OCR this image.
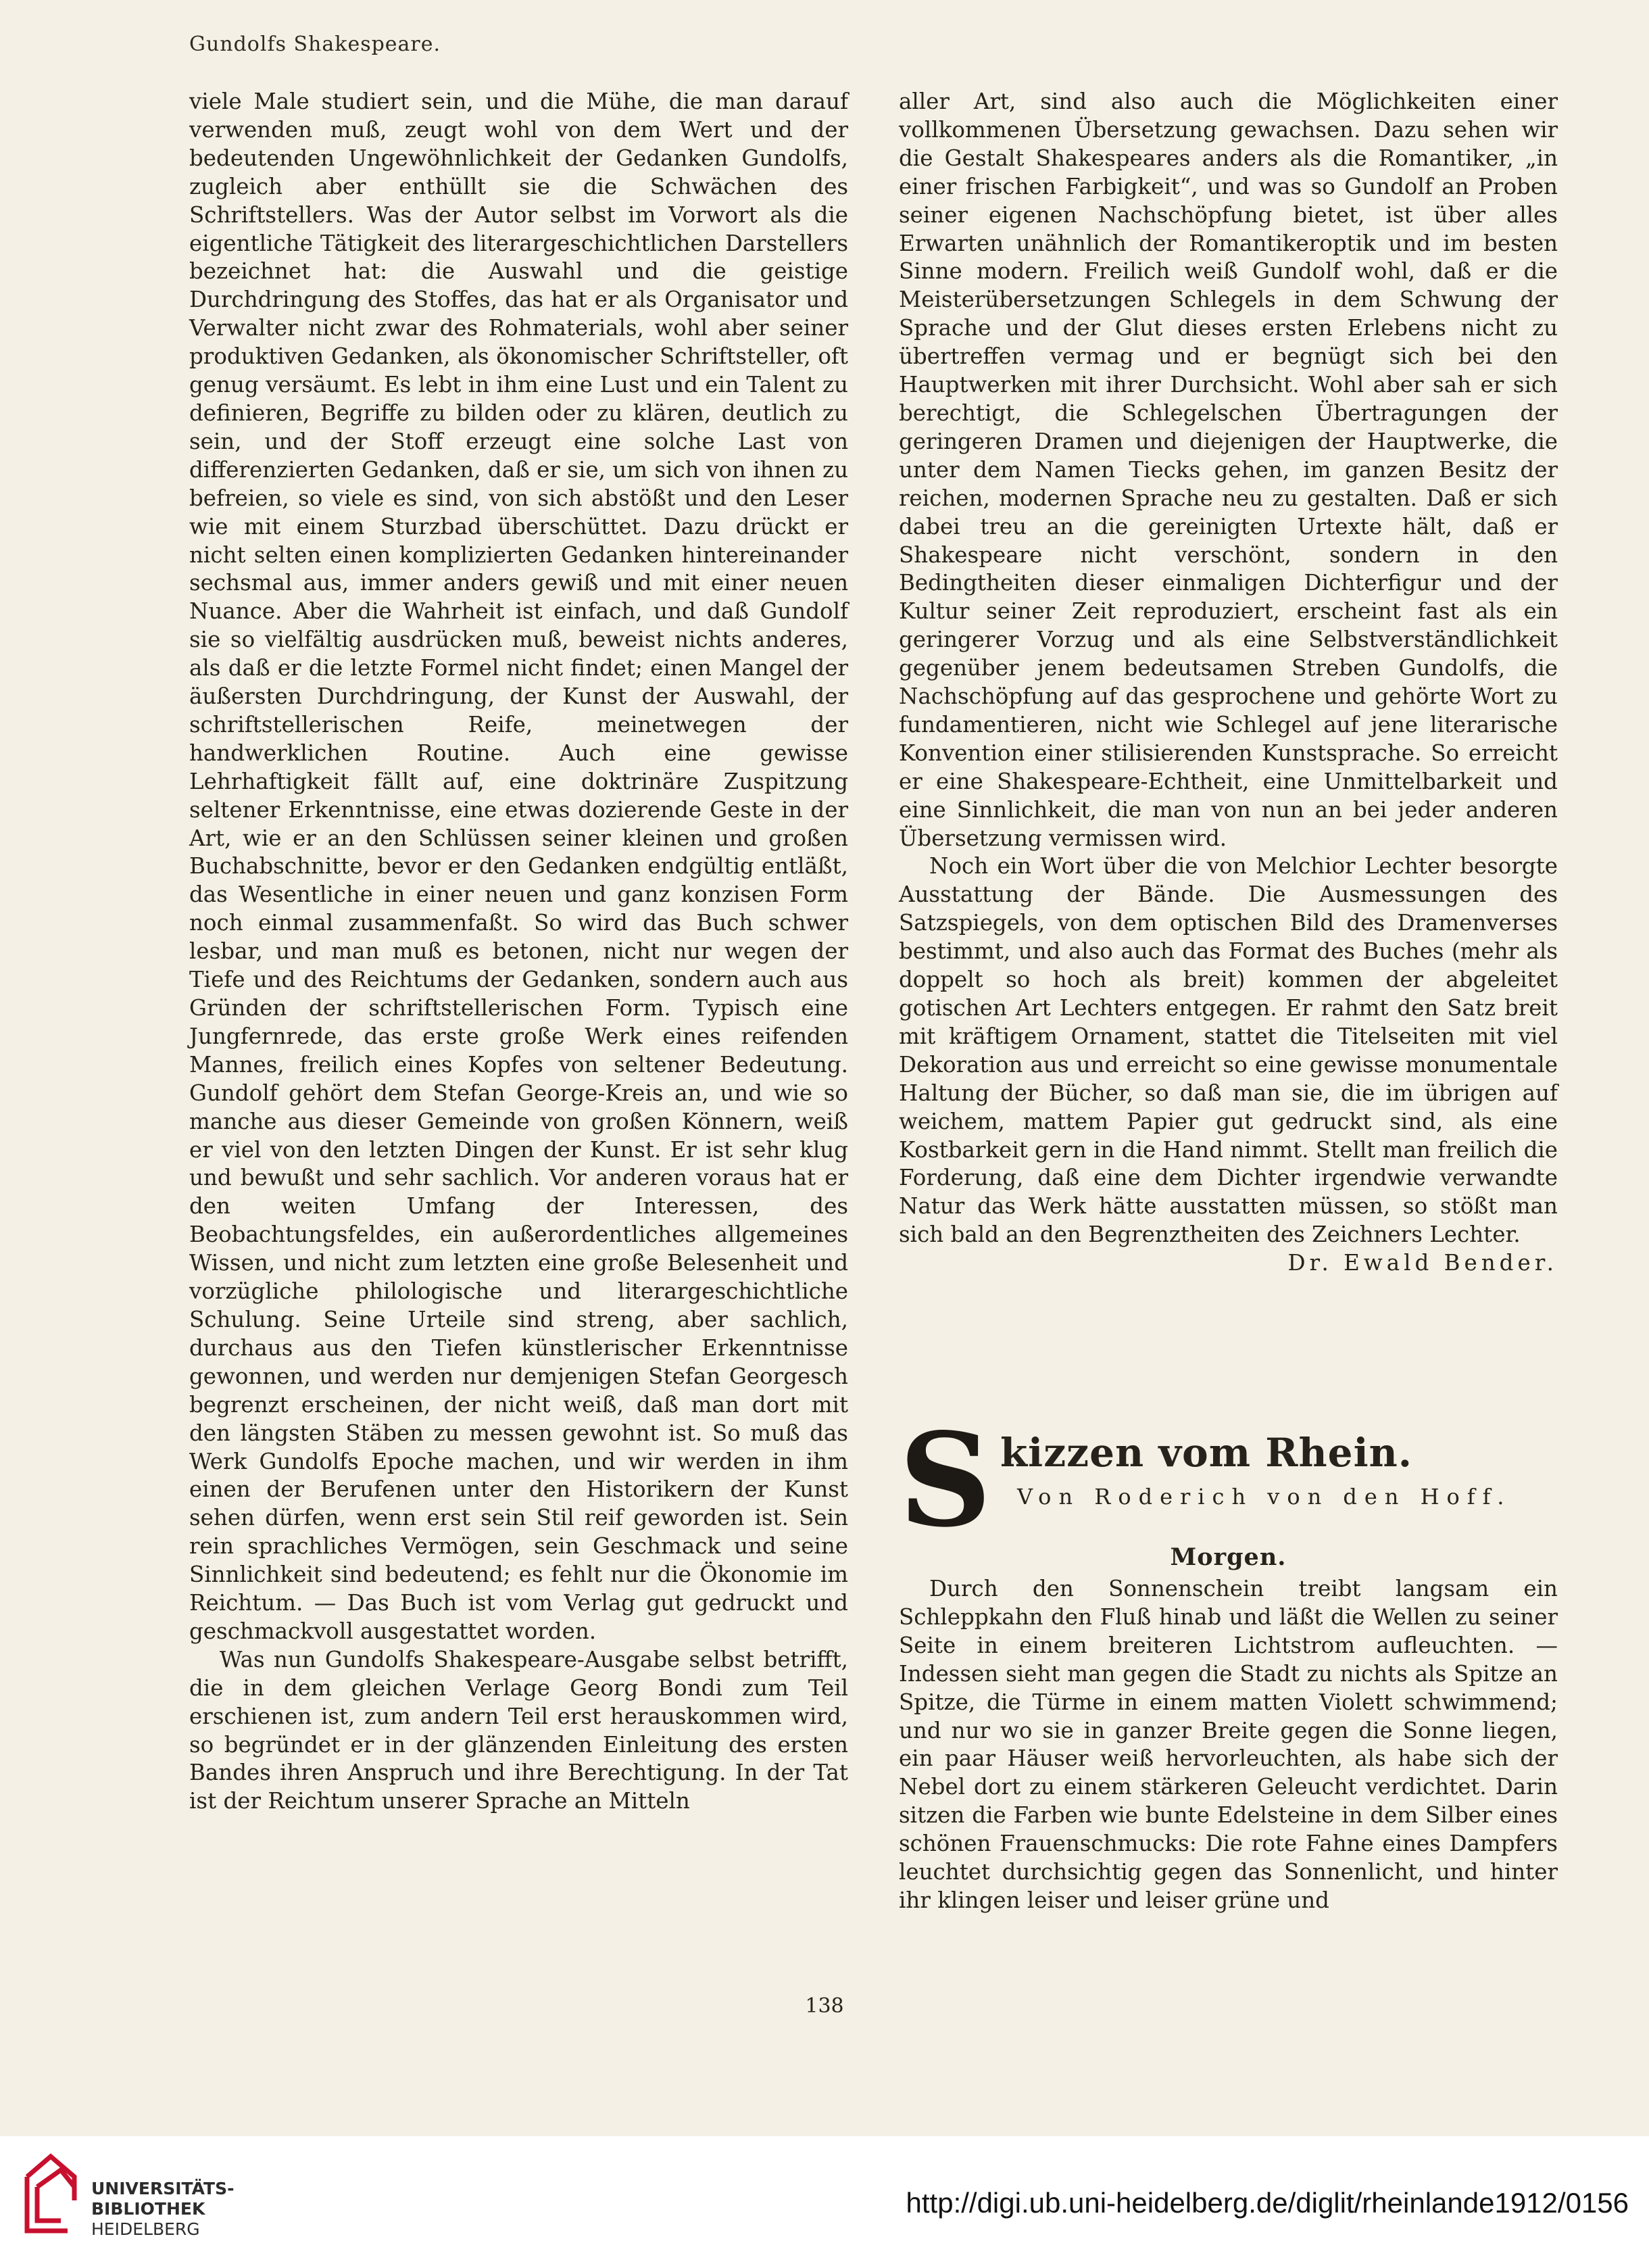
Gundolfs Shakespeare.

viele Male studiert sein, und die Mühe, die man darauf verwenden muß, zeugt wohl von dem Wert und der bedeutenden Ungewöhnlichkeit der Gedanken Gundolfs, zugleich aber enthüllt sie die Schwächen des Schriftstellers. Was der Autor selbst im Vorwort als die eigentliche Tätigkeit des literargeschichtlichen Darstellers bezeichnet hat: die Auswahl und die geistige Durchdringung des Stoffes, das hat er als Organisator und Verwalter nicht zwar des Rohmaterials, wohl aber seiner produktiven Gedanken, als ökonomischer Schriftsteller, oft genug versäumt. Es lebt in ihm eine Lust und ein Talent zu definieren, Begriffe zu bilden oder zu klären, deutlich zu sein, und der Stoff erzeugt eine solche Last von differenzierten Gedanken, daß er sie, um sich von ihnen zu befreien, so viele es sind, von sich abstößt und den Leser wie mit einem Sturzbad überschüttet. Dazu drückt er nicht selten einen komplizierten Gedanken hintereinander sechsmal aus, immer anders gewiß und mit einer neuen Nuance. Aber die Wahrheit ist einfach, und daß Gundolf sie so vielfältig ausdrücken muß, beweist nichts anderes, als daß er die letzte Formel nicht findet; einen Mangel der äußersten Durchdringung, der Kunst der Auswahl, der schriftstellerischen Reife, meinetwegen der handwerklichen Routine. Auch eine gewisse Lehrhaftigkeit fällt auf, eine doktrinäre Zuspitzung seltener Erkenntnisse, eine etwas dozierende Geste in der Art, wie er an den Schlüssen seiner kleinen und großen Buchabschnitte, bevor er den Gedanken endgültig entläßt, das Wesentliche in einer neuen und ganz konzisen Form noch einmal zusammenfaßt. So wird das Buch schwer lesbar, und man muß es betonen, nicht nur wegen der Tiefe und des Reichtums der Gedanken, sondern auch aus Gründen der schriftstellerischen Form. Typisch eine Jungfernrede, das erste große Werk eines reifenden Mannes, freilich eines Kopfes von seltener Bedeutung. Gundolf gehört dem Stefan George-Kreis an, und wie so manche aus dieser Gemeinde von großen Könnern, weiß er viel von den letzten Dingen der Kunst. Er ist sehr klug und bewußt und sehr sachlich. Vor anderen voraus hat er den weiten Umfang der Interessen, des Beobachtungsfeldes, ein außerordentliches allgemeines Wissen, und nicht zum letzten eine große Belesenheit und vorzügliche philologische und literargeschichtliche Schulung. Seine Urteile sind streng, aber sachlich, durchaus aus den Tiefen künstlerischer Erkenntnisse gewonnen, und werden nur demjenigen Stefan Georgesch begrenzt erscheinen, der nicht weiß, daß man dort mit den längsten Stäben zu messen gewohnt ist. So muß das Werk Gundolfs Epoche machen, und wir werden in ihm einen der Berufenen unter den Historikern der Kunst sehen dürfen, wenn erst sein Stil reif geworden ist. Sein rein sprachliches Vermögen, sein Geschmack und seine Sinnlichkeit sind bedeutend; es fehlt nur die Ökonomie im Reichtum. — Das Buch ist vom Verlag gut gedruckt und geschmackvoll ausgestattet worden.

Was nun Gundolfs Shakespeare-Ausgabe selbst betrifft, die in dem gleichen Verlage Georg Bondi zum Teil erschienen ist, zum andern Teil erst herauskommen wird, so begründet er in der glänzenden Einleitung des ersten Bandes ihren Anspruch und ihre Berechtigung. In der Tat ist der Reichtum unserer Sprache an Mitteln

aller Art, sind also auch die Möglichkeiten einer vollkommenen Übersetzung gewachsen. Dazu sehen wir die Gestalt Shakespeares anders als die Romantiker, „in einer frischen Farbigkeit“, und was so Gundolf an Proben seiner eigenen Nachschöpfung bietet, ist über alles Erwarten unähnlich der Romantikeroptik und im besten Sinne modern. Freilich weiß Gundolf wohl, daß er die Meisterübersetzungen Schlegels in dem Schwung der Sprache und der Glut dieses ersten Erlebens nicht zu übertreffen vermag und er begnügt sich bei den Hauptwerken mit ihrer Durchsicht. Wohl aber sah er sich berechtigt, die Schlegelschen Übertragungen der geringeren Dramen und diejenigen der Hauptwerke, die unter dem Namen Tiecks gehen, im ganzen Besitz der reichen, modernen Sprache neu zu gestalten. Daß er sich dabei treu an die gereinigten Urtexte hält, daß er Shakespeare nicht verschönt, sondern in den Bedingtheiten dieser einmaligen Dichterfigur und der Kultur seiner Zeit reproduziert, erscheint fast als ein geringerer Vorzug und als eine Selbstverständlichkeit gegenüber jenem bedeutsamen Streben Gundolfs, die Nachschöpfung auf das gesprochene und gehörte Wort zu fundamentieren, nicht wie Schlegel auf jene literarische Konvention einer stilisierenden Kunstsprache. So erreicht er eine Shakespeare-Echtheit, eine Unmittelbarkeit und eine Sinnlichkeit, die man von nun an bei jeder anderen Übersetzung vermissen wird.

Noch ein Wort über die von Melchior Lechter besorgte Ausstattung der Bände. Die Ausmessungen des Satzspiegels, von dem optischen Bild des Dramenverses bestimmt, und also auch das Format des Buches (mehr als doppelt so hoch als breit) kommen der abgeleitet gotischen Art Lechters entgegen. Er rahmt den Satz breit mit kräftigem Ornament, stattet die Titelseiten mit viel Dekoration aus und erreicht so eine gewisse monumentale Haltung der Bücher, so daß man sie, die im übrigen auf weichem, mattem Papier gut gedruckt sind, als eine Kostbarkeit gern in die Hand nimmt. Stellt man freilich die Forderung, daß eine dem Dichter irgendwie verwandte Natur das Werk hätte ausstatten müssen, so stößt man sich bald an den Begrenztheiten des Zeichners Lechter.

Dr. Ewald Bender.
S kizzen vom Rhein.
Von Roderich von den Hoff.
Morgen.

Durch den Sonnenschein treibt langsam ein Schleppkahn den Fluß hinab und läßt die Wellen zu seiner Seite in einem breiteren Lichtstrom aufleuchten. — Indessen sieht man gegen die Stadt zu nichts als Spitze an Spitze, die Türme in einem matten Violett schwimmend; und nur wo sie in ganzer Breite gegen die Sonne liegen, ein paar Häuser weiß hervorleuchten, als habe sich der Nebel dort zu einem stärkeren Geleucht verdichtet. Darin sitzen die Farben wie bunte Edelsteine in dem Silber eines schönen Frauenschmucks: Die rote Fahne eines Dampfers leuchtet durchsichtig gegen das Sonnenlicht, und hinter ihr klingen leiser und leiser grüne und

138
UNIVERSITÄTS-
BIBLIOTHEK
HEIDELBERG
http://digi.ub.uni-heidelberg.de/diglit/rheinlande1912/0156
